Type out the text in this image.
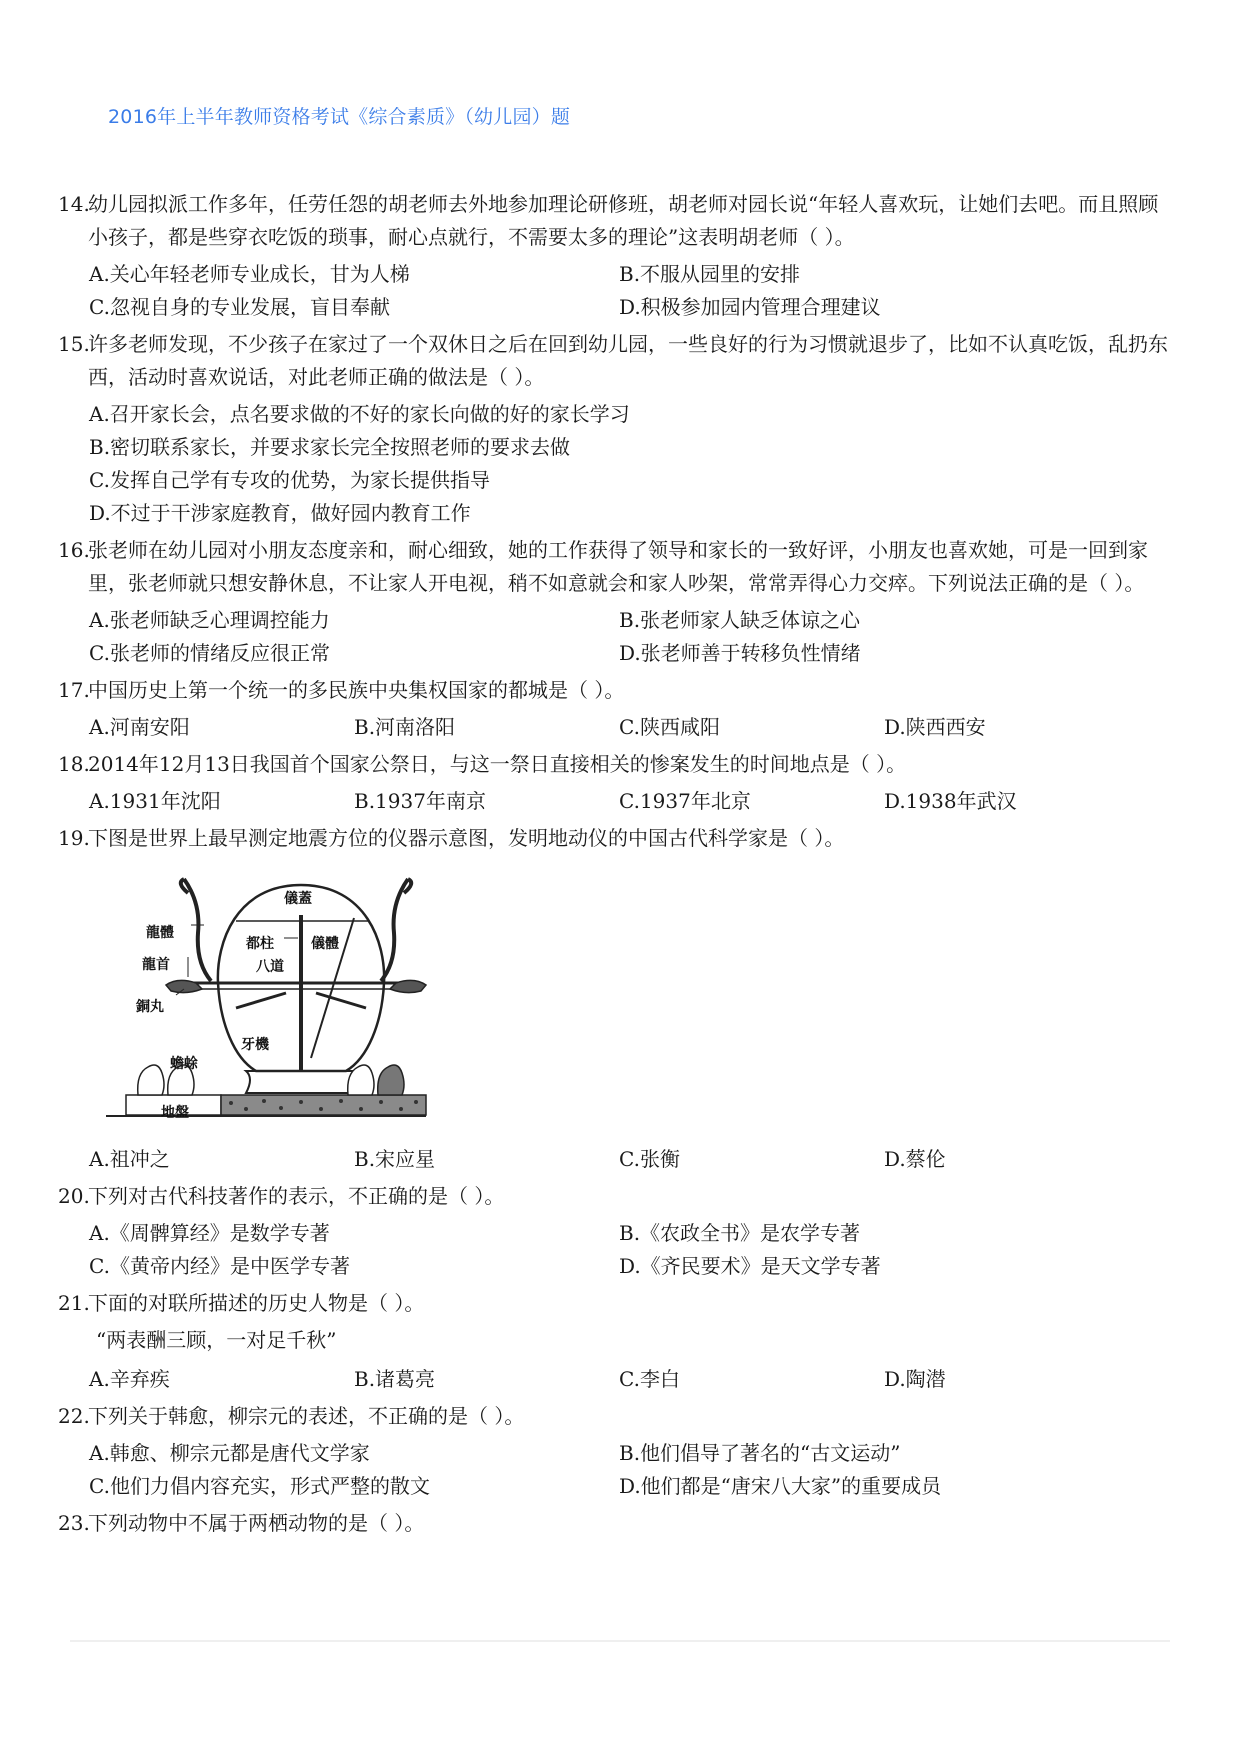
2016年上半年教师资格考试《综合素质》（幼儿园）题

14.幼儿园拟派工作多年，任劳任怨的胡老师去外地参加理论研修班，胡老师对园长说“年轻人喜欢玩，让她们去吧。而且照顾小孩子，都是些穿衣吃饭的琐事，耐心点就行，不需要太多的理论”这表明胡老师（ ）。

A.关心年轻老师专业成长，甘为人梯	B.不服从园里的安排
C.忽视自身的专业发展，盲目奉献	D.积极参加园内管理合理建议

15.许多老师发现，不少孩子在家过了一个双休日之后在回到幼儿园，一些良好的行为习惯就退步了，比如不认真吃饭，乱扔东西，活动时喜欢说话，对此老师正确的做法是（ ）。

A.召开家长会，点名要求做的不好的家长向做的好的家长学习
B.密切联系家长，并要求家长完全按照老师的要求去做
C.发挥自己学有专攻的优势，为家长提供指导
D.不过于干涉家庭教育，做好园内教育工作

16.张老师在幼儿园对小朋友态度亲和，耐心细致，她的工作获得了领导和家长的一致好评，小朋友也喜欢她，可是一回到家里，张老师就只想安静休息，不让家人开电视，稍不如意就会和家人吵架，常常弄得心力交瘁。下列说法正确的是（ ）。

A.张老师缺乏心理调控能力	B.张老师家人缺乏体谅之心
C.张老师的情绪反应很正常	D.张老师善于转移负性情绪

17.中国历史上第一个统一的多民族中央集权国家的都城是（ ）。

A.河南安阳	B.河南洛阳	C.陕西咸阳	D.陕西西安

18.2014年12月13日我国首个国家公祭日，与这一祭日直接相关的惨案发生的时间地点是（ ）。

A.1931年沈阳	B.1937年南京	C.1937年北京	D.1938年武汉

19.下图是世界上最早测定地震方位的仪器示意图，发明地动仪的中国古代科学家是（ ）。

儀蓋
龍體
都柱	儀體
龍首	八道
銅丸
牙機
蟾蜍
地盤
A.祖冲之	B.宋应星	C.张衡	D.蔡伦

20.下列对古代科技著作的表示，不正确的是（ ）。

A.《周髀算经》是数学专著	B.《农政全书》是农学专著
C.《黄帝内经》是中医学专著	D.《齐民要术》是天文学专著

21.下面的对联所描述的历史人物是（ ）。

“两表酬三顾，一对足千秋”
A.辛弃疾	B.诸葛亮	C.李白	D.陶潜

22.下列关于韩愈，柳宗元的表述，不正确的是（ ）。

A.韩愈、柳宗元都是唐代文学家	B.他们倡导了著名的“古文运动”
C.他们力倡内容充实，形式严整的散文	D.他们都是“唐宋八大家”的重要成员

23.下列动物中不属于两栖动物的是（ ）。
